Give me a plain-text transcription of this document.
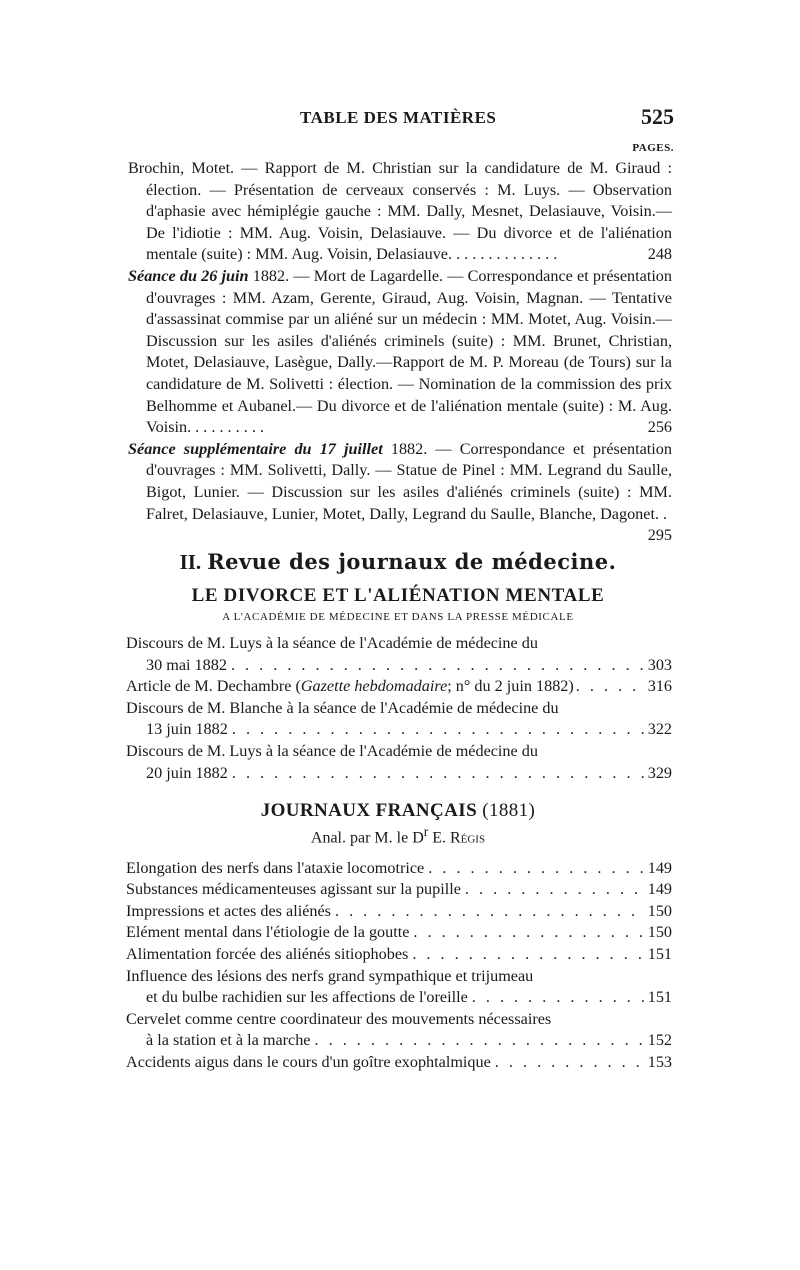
TABLE DES MATIÈRES	525
PAGES.

Brochin, Motet. — Rapport de M. Christian sur la candidature de M. Giraud : élection. — Présentation de cerveaux conservés : M. Luys. — Observation d'aphasie avec hémiplégie gauche : MM. Dally, Mesnet, Delasiauve, Voisin.—De l'idiotie : MM. Aug. Voisin, Delasiauve. — Du divorce et de l'aliénation mentale (suite) : MM. Aug. Voisin, Delasiauve. . . . . . . . . . . . . .	248

Séance du 26 juin 1882. — Mort de Lagardelle. — Correspondance et présentation d'ouvrages : MM. Azam, Gerente, Giraud, Aug. Voisin, Magnan. — Tentative d'assassinat commise par un aliéné sur un médecin : MM. Motet, Aug. Voisin.— Discussion sur les asiles d'aliénés criminels (suite) : MM. Brunet, Christian, Motet, Delasiauve, Lasègue, Dally.—Rapport de M. P. Moreau (de Tours) sur la candidature de M. Solivetti : élection. — Nomination de la commission des prix Belhomme et Aubanel.— Du divorce et de l'aliénation mentale (suite) : M. Aug. Voisin. . . . . . . . . .	256

Séance supplémentaire du 17 juillet 1882. — Correspondance et présentation d'ouvrages : MM. Solivetti, Dally. — Statue de Pinel : MM. Legrand du Saulle, Bigot, Lunier. — Discussion sur les asiles d'aliénés criminels (suite) : MM. Falret, Delasiauve, Lunier, Motet, Dally, Legrand du Saulle, Blanche, Dagonet. .
295

II. Revue des journaux de médecine.
LE DIVORCE ET L'ALIÉNATION MENTALE
A L'ACADÉMIE DE MÉDECINE ET DANS LA PRESSE MÉDICALE
Discours de M. Luys à la séance de l'Académie de médecine du
30 mai 1882 . . .	303
Article de M. Dechambre (Gazette hebdomadaire; n° du 2 juin 1882) . . .	316
Discours de M. Blanche à la séance de l'Académie de médecine du
13 juin 1882 . . .	322
Discours de M. Luys à la séance de l'Académie de médecine du
20 juin 1882 . . .	329
JOURNAUX FRANÇAIS (1881)
Anal. par M. le $D^r$ E. Régis
Elongation des nerfs dans l'ataxie locomotrice . . .	149
Substances médicamenteuses agissant sur la pupille . . .	149
Impressions et actes des aliénés . . .	150
Elément mental dans l'étiologie de la goutte . . .	150
Alimentation forcée des aliénés sitiophobes . . .	151
Influence des lésions des nerfs grand sympathique et trijumeau
et du bulbe rachidien sur les affections de l'oreille . . .	151
Cervelet comme centre coordinateur des mouvements nécessaires
à la station et à la marche . . .	152
Accidents aigus dans le cours d'un goître exophtalmique . . .	153
